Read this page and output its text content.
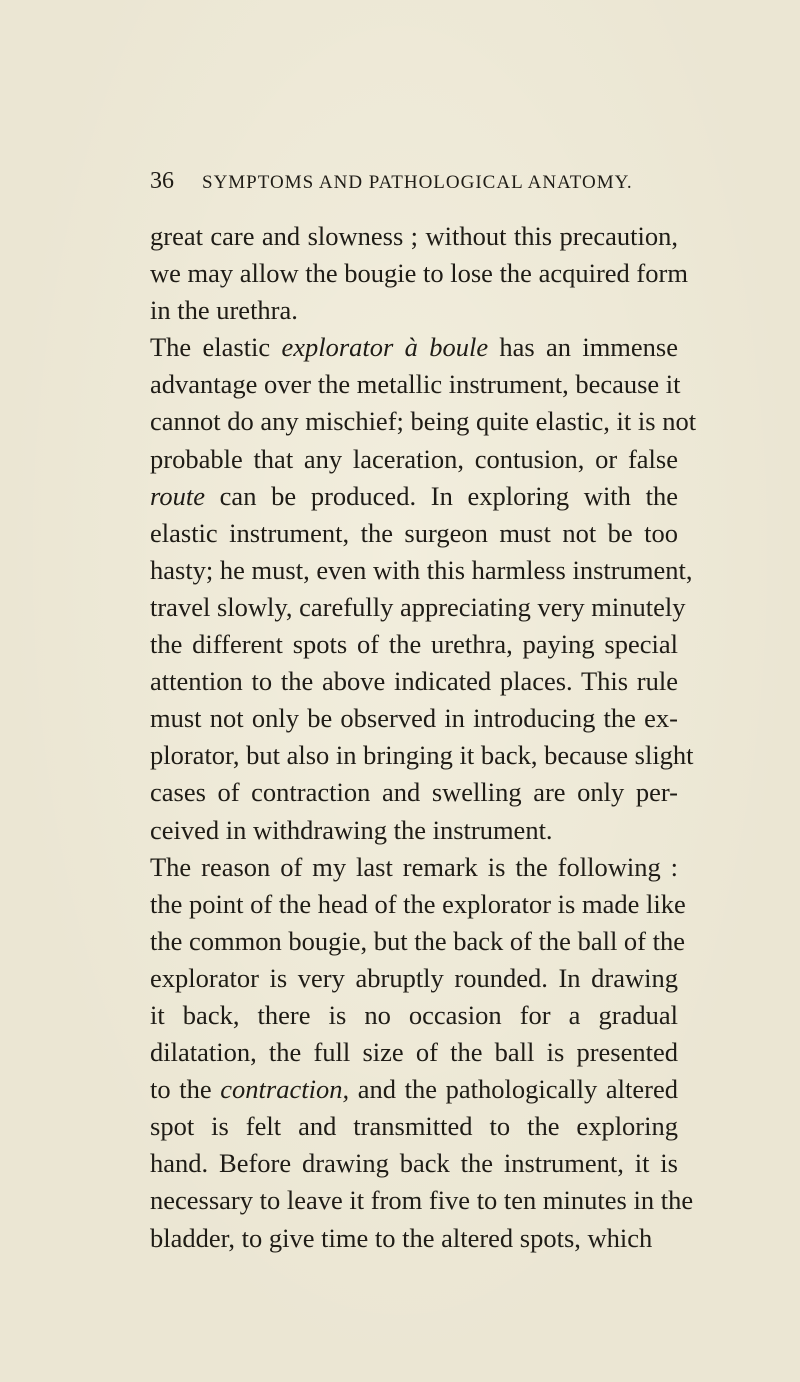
36 SYMPTOMS AND PATHOLOGICAL ANATOMY.
great care and slowness ; without this precaution,
we may allow the bougie to lose the acquired form
in the urethra.
The elastic explorator à boule has an immense
advantage over the metallic instrument, because it
cannot do any mischief; being quite elastic, it is not
probable that any laceration, contusion, or false
route can be produced. In exploring with the
elastic instrument, the surgeon must not be too
hasty; he must, even with this harmless instrument,
travel slowly, carefully appreciating very minutely
the different spots of the urethra, paying special
attention to the above indicated places. This rule
must not only be observed in introducing the ex-
plorator, but also in bringing it back, because slight
cases of contraction and swelling are only per-
ceived in withdrawing the instrument.
The reason of my last remark is the following :
the point of the head of the explorator is made like
the common bougie, but the back of the ball of the
explorator is very abruptly rounded. In drawing
it back, there is no occasion for a gradual
dilatation, the full size of the ball is presented
to the contraction, and the pathologically altered
spot is felt and transmitted to the exploring
hand. Before drawing back the instrument, it is
necessary to leave it from five to ten minutes in the
bladder, to give time to the altered spots, which
